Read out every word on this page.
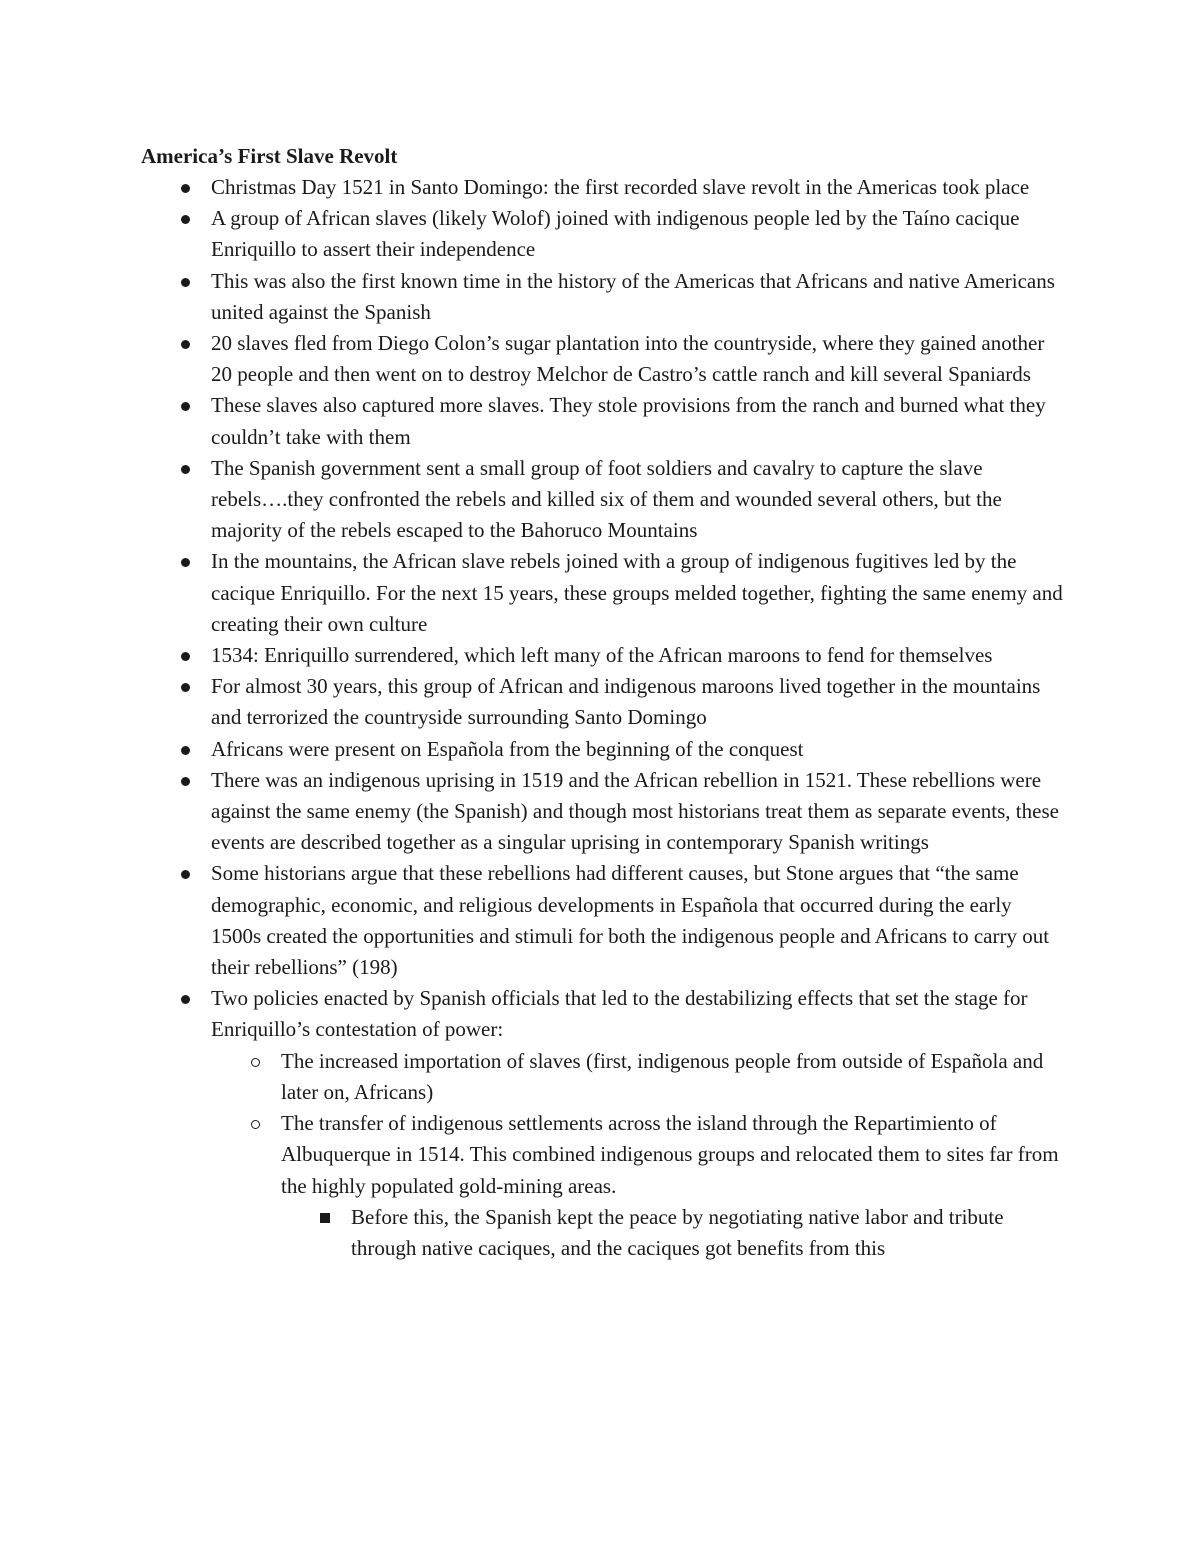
America’s First Slave Revolt
Christmas Day 1521 in Santo Domingo: the first recorded slave revolt in the Americas took place
A group of African slaves (likely Wolof) joined with indigenous people led by the Taíno cacique Enriquillo to assert their independence
This was also the first known time in the history of the Americas that Africans and native Americans united against the Spanish
20 slaves fled from Diego Colon’s sugar plantation into the countryside, where they gained another 20 people and then went on to destroy Melchor de Castro’s cattle ranch and kill several Spaniards
These slaves also captured more slaves. They stole provisions from the ranch and burned what they couldn’t take with them
The Spanish government sent a small group of foot soldiers and cavalry to capture the slave rebels….they confronted the rebels and killed six of them and wounded several others, but the majority of the rebels escaped to the Bahoruco Mountains
In the mountains, the African slave rebels joined with a group of indigenous fugitives led by the cacique Enriquillo. For the next 15 years, these groups melded together, fighting the same enemy and creating their own culture
1534: Enriquillo surrendered, which left many of the African maroons to fend for themselves
For almost 30 years, this group of African and indigenous maroons lived together in the mountains and terrorized the countryside surrounding Santo Domingo
Africans were present on Española from the beginning of the conquest
There was an indigenous uprising in 1519 and the African rebellion in 1521. These rebellions were against the same enemy (the Spanish) and though most historians treat them as separate events, these events are described together as a singular uprising in contemporary Spanish writings
Some historians argue that these rebellions had different causes, but Stone argues that “the same demographic, economic, and religious developments in Española that occurred during the early 1500s created the opportunities and stimuli for both the indigenous people and Africans to carry out their rebellions” (198)
Two policies enacted by Spanish officials that led to the destabilizing effects that set the stage for Enriquillo’s contestation of power:
The increased importation of slaves (first, indigenous people from outside of Española and later on, Africans)
The transfer of indigenous settlements across the island through the Repartimiento of Albuquerque in 1514. This combined indigenous groups and relocated them to sites far from the highly populated gold-mining areas.
Before this, the Spanish kept the peace by negotiating native labor and tribute through native caciques, and the caciques got benefits from this
